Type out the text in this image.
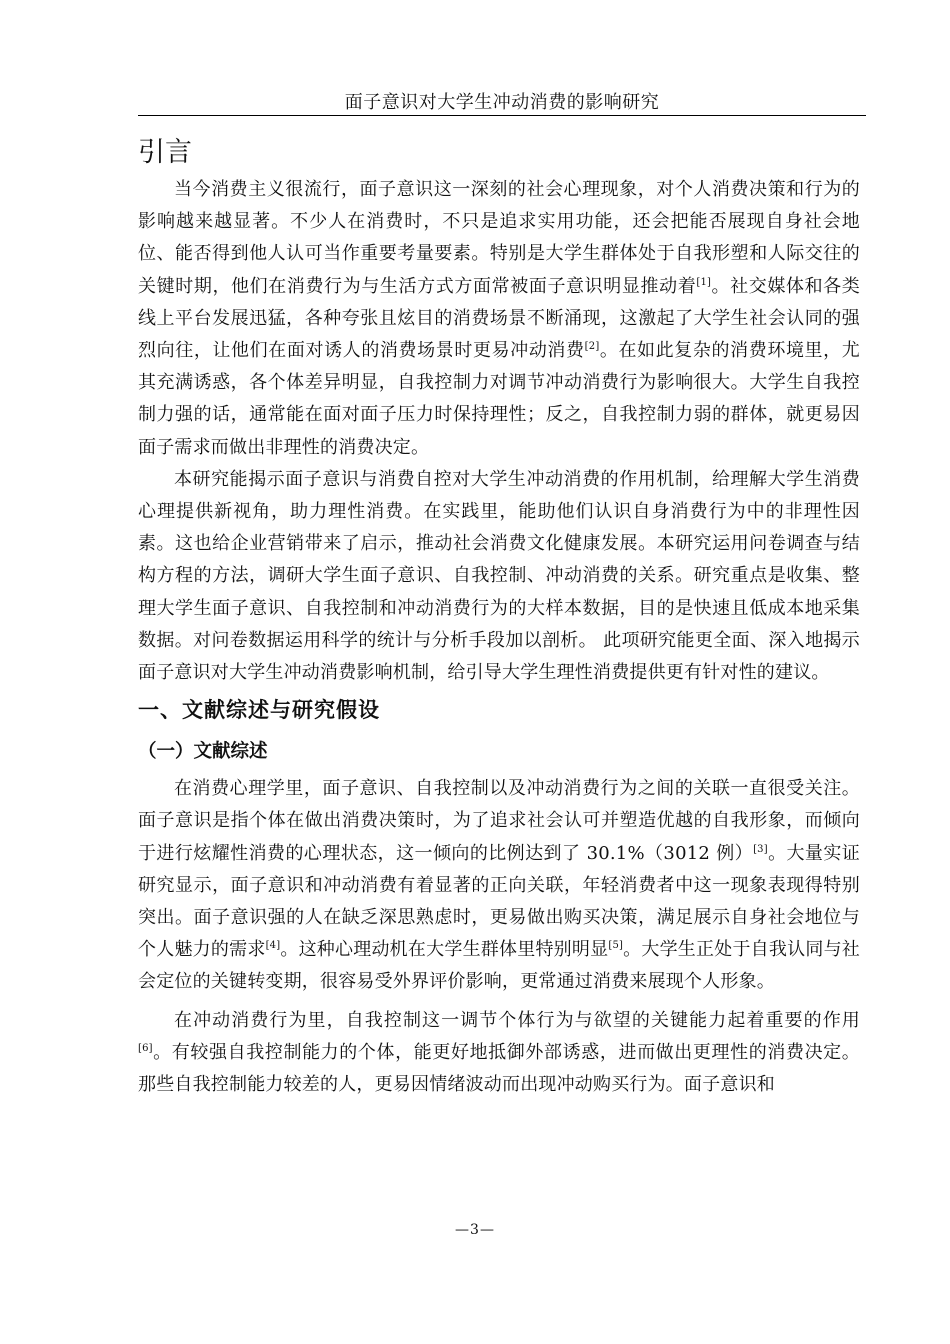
面子意识对大学生冲动消费的影响研究
引言

当今消费主义很流行，面子意识这一深刻的社会心理现象，对个人消费决策和行为的影响越来越显著。不少人在消费时，不只是追求实用功能，还会把能否展现自身社会地位、能否得到他人认可当作重要考量要素。特别是大学生群体处于自我形塑和人际交往的关键时期，他们在消费行为与生活方式方面常被面子意识明显推动着[1]。社交媒体和各类线上平台发展迅猛，各种夸张且炫目的消费场景不断涌现，这激起了大学生社会认同的强烈向往，让他们在面对诱人的消费场景时更易冲动消费[2]。在如此复杂的消费环境里，尤其充满诱惑，各个体差异明显，自我控制力对调节冲动消费行为影响很大。大学生自我控制力强的话，通常能在面对面子压力时保持理性；反之，自我控制力弱的群体，就更易因面子需求而做出非理性的消费决定。

本研究能揭示面子意识与消费自控对大学生冲动消费的作用机制，给理解大学生消费心理提供新视角，助力理性消费。在实践里，能助他们认识自身消费行为中的非理性因素。这也给企业营销带来了启示，推动社会消费文化健康发展。本研究运用问卷调查与结构方程的方法，调研大学生面子意识、自我控制、冲动消费的关系。研究重点是收集、整理大学生面子意识、自我控制和冲动消费行为的大样本数据，目的是快速且低成本地采集数据。对问卷数据运用科学的统计与分析手段加以剖析。 此项研究能更全面、深入地揭示面子意识对大学生冲动消费影响机制，给引导大学生理性消费提供更有针对性的建议。

一、文献综述与研究假设
（一）文献综述

在消费心理学里，面子意识、自我控制以及冲动消费行为之间的关联一直很受关注。面子意识是指个体在做出消费决策时，为了追求社会认可并塑造优越的自我形象，而倾向于进行炫耀性消费的心理状态，这一倾向的比例达到了 30.1%（3012 例）[3]。大量实证研究显示，面子意识和冲动消费有着显著的正向关联，年轻消费者中这一现象表现得特别突出。面子意识强的人在缺乏深思熟虑时，更易做出购买决策，满足展示自身社会地位与个人魅力的需求[4]。这种心理动机在大学生群体里特别明显[5]。大学生正处于自我认同与社会定位的关键转变期，很容易受外界评价影响，更常通过消费来展现个人形象。

在冲动消费行为里，自我控制这一调节个体行为与欲望的关键能力起着重要的作用[6]。有较强自我控制能力的个体，能更好地抵御外部诱惑，进而做出更理性的消费决定。那些自我控制能力较差的人，更易因情绪波动而出现冲动购买行为。面子意识和

—3—
